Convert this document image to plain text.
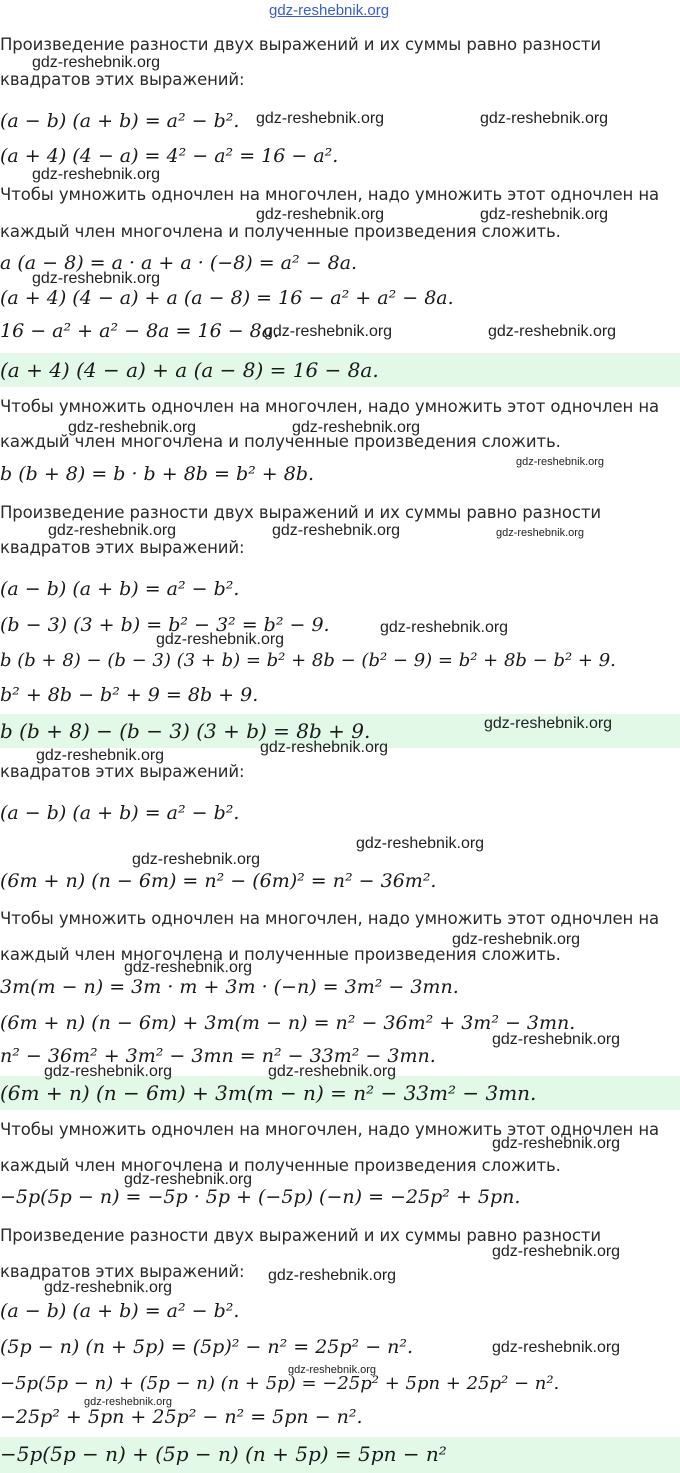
gdz-reshebnik.org
Произведение разности двух выражений и их суммы равно разности
квадратов этих выражений:
(a − b) (a + b) = a² − b².
(a + 4) (4 − a) = 4² − a² = 16 − a².
Чтобы умножить одночлен на многочлен, надо умножить этот одночлен на
каждый член многочлена и полученные произведения сложить.
a (a − 8) = a · a + a · (−8) = a² − 8a.
(a + 4) (4 − a) + a (a − 8) = 16 − a² + a² − 8a.
16 − a² + a² − 8a = 16 − 8a.
(a + 4) (4 − a) + a (a − 8) = 16 − 8a.
Чтобы умножить одночлен на многочлен, надо умножить этот одночлен на
каждый член многочлена и полученные произведения сложить.
b (b + 8) = b · b + 8b = b² + 8b.
Произведение разности двух выражений и их суммы равно разности
квадратов этих выражений:
(a − b) (a + b) = a² − b².
(b − 3) (3 + b) = b² − 3² = b² − 9.
b (b + 8) − (b − 3) (3 + b) = b² + 8b − (b² − 9) = b² + 8b − b² + 9.
b² + 8b − b² + 9 = 8b + 9.
b (b + 8) − (b − 3) (3 + b) = 8b + 9.
квадратов этих выражений:
(a − b) (a + b) = a² − b².
(6m + n) (n − 6m) = n² − (6m)² = n² − 36m².
Чтобы умножить одночлен на многочлен, надо умножить этот одночлен на
каждый член многочлена и полученные произведения сложить.
3m(m − n) = 3m · m + 3m · (−n) = 3m² − 3mn.
(6m + n) (n − 6m) + 3m(m − n) = n² − 36m² + 3m² − 3mn.
n² − 36m² + 3m² − 3mn = n² − 33m² − 3mn.
(6m + n) (n − 6m) + 3m(m − n) = n² − 33m² − 3mn.
Чтобы умножить одночлен на многочлен, надо умножить этот одночлен на
каждый член многочлена и полученные произведения сложить.
−5p(5p − n) = −5p · 5p + (−5p) (−n) = −25p² + 5pn.
Произведение разности двух выражений и их суммы равно разности
квадратов этих выражений:
(a − b) (a + b) = a² − b².
(5p − n) (n + 5p) = (5p)² − n² = 25p² − n².
−5p(5p − n) + (5p − n) (n + 5p) = −25p² + 5pn + 25p² − n².
−25p² + 5pn + 25p² − n² = 5pn − n².
−5p(5p − n) + (5p − n) (n + 5p) = 5pn − n²
gdz-reshebnik.org
gdz-reshebnik.org	gdz-reshebnik.org
gdz-reshebnik.org
gdz-reshebnik.org	gdz-reshebnik.org
gdz-reshebnik.org
gdz-reshebnik.org	gdz-reshebnik.org
gdz-reshebnik.org	gdz-reshebnik.org
gdz-reshebnik.org
gdz-reshebnik.org	gdz-reshebnik.org	gdz-reshebnik.org
gdz-reshebnik.org
gdz-reshebnik.org
gdz-reshebnik.org
gdz-reshebnik.org
gdz-reshebnik.org
gdz-reshebnik.org
gdz-reshebnik.org
gdz-reshebnik.org
gdz-reshebnik.org
gdz-reshebnik.org
gdz-reshebnik.org	gdz-reshebnik.org
gdz-reshebnik.org
gdz-reshebnik.org
gdz-reshebnik.org
gdz-reshebnik.org
gdz-reshebnik.org
gdz-reshebnik.org
gdz-reshebnik.org
gdz-reshebnik.org
